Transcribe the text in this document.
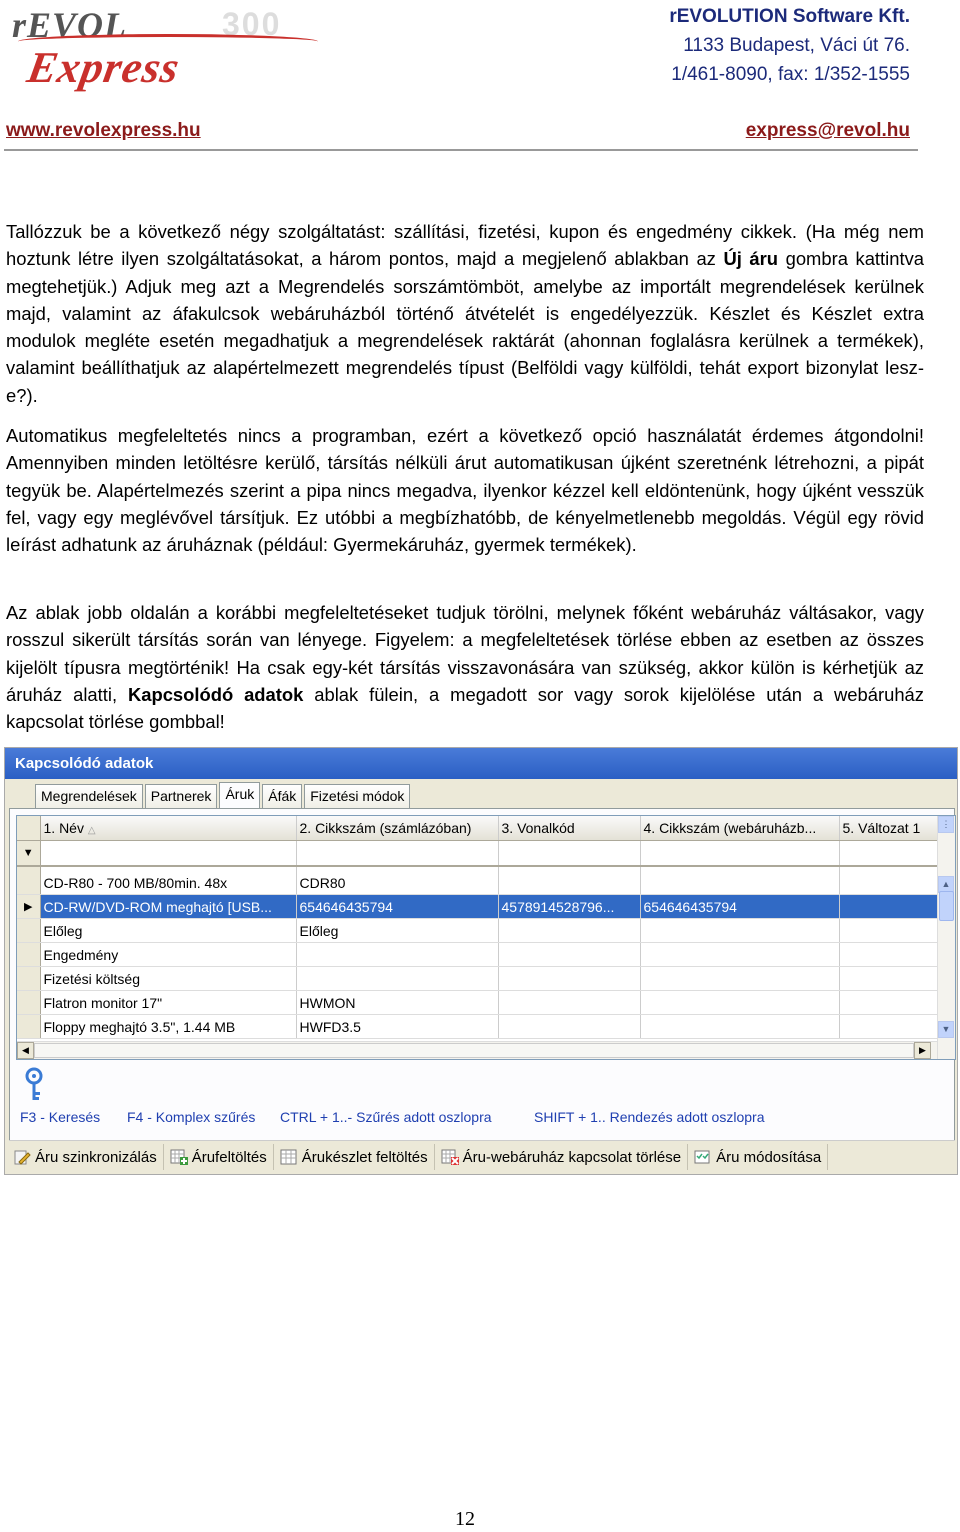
rEVOL	300
Express
rEVOLUTION Software Kft.
1133 Budapest, Váci út 76.
1/461-8090, fax: 1/352-1555
www.revolexpress.hu	express@revol.hu
Tallózzuk be a következő négy szolgáltatást: szállítási, fizetési, kupon és engedmény cikkek. (Ha még nem hoztunk létre ilyen szolgáltatásokat, a három pontos, majd a megjelenő ablakban az Új áru gombra kattintva megtehetjük.) Adjuk meg azt a Megrendelés sorszámtömböt, amelybe az importált megrendelések kerülnek majd, valamint az áfakulcsok webáruházból történő átvételét is engedélyezzük. Készlet és Készlet extra modulok megléte esetén megadhatjuk a megrendelések raktárát (ahonnan foglalásra kerülnek a termékek), valamint beállíthatjuk az alapértelmezett megrendelés típust (Belföldi vagy külföldi, tehát export bizonylat lesz-e?).
Automatikus megfeleltetés nincs a programban, ezért a következő opció használatát érdemes átgondolni! Amennyiben minden letöltésre kerülő, társítás nélküli árut automatikusan újként szeretnénk létrehozni, a pipát tegyük be. Alapértelmezés szerint a pipa nincs megadva, ilyenkor kézzel kell eldöntenünk, hogy újként vesszük fel, vagy egy meglévővel társítjuk. Ez utóbbi a megbízhatóbb, de kényelmetlenebb megoldás. Végül egy rövid leírást adhatunk az áruháznak (például: Gyermekáruház, gyermek termékek).
Az ablak jobb oldalán a korábbi megfeleltetéseket tudjuk törölni, melynek főként webáruház váltásakor, vagy rosszul sikerült társítás során van lényege. Figyelem: a megfeleltetések törlése ebben az esetben az összes kijelölt típusra megtörténik! Ha csak egy-két társítás visszavonására van szükség, akkor külön is kérhetjük az áruház alatti, Kapcsolódó adatok ablak fülein, a megadott sor vagy sorok kijelölése után a webáruház kapcsolat törlése gombbal!
Kapcsolódó adatok
Megrendelések	Partnerek	Áruk	Áfák	Fizetési módok
	1. Név △	2. Cikkszám (számlázóban)	3. Vonalkód	4. Cikkszám (webáruházb...	5. Változat 1
▼					

	CD-R80 - 700 MB/80min. 48x	CDR80			
▶	CD-RW/DVD-ROM meghajtó [USB...	654646435794	4578914528796...	654646435794	
	Előleg	Előleg			
	Engedmény				
	Fizetési költség				
	Flatron monitor 17"	HWMON			
	Floppy meghajtó 3.5", 1.44 MB	HWFD3.5			
⋮
▲
▼
◀	▶
F3 - Keresés F4 - Komplex szűrés CTRL + 1..- Szűrés adott oszlopra	SHIFT + 1.. Rendezés adott oszlopra
Áru szinkronizálás Árufeltöltés Árukészlet feltöltés Áru-webáruház kapcsolat törlése Áru módosítása
12
